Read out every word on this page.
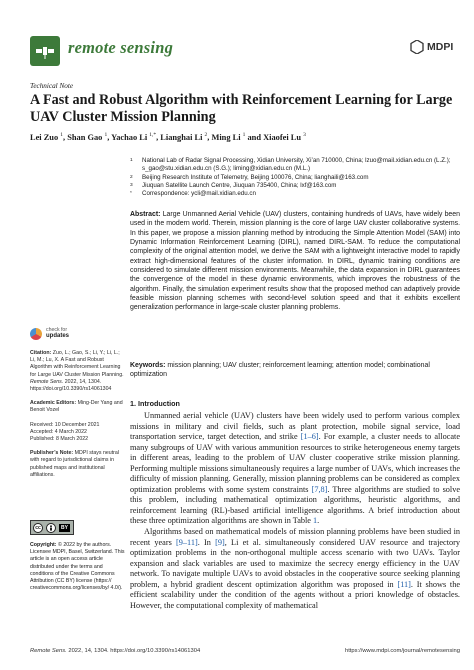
remote sensing	MDPI
Technical Note
A Fast and Robust Algorithm with Reinforcement Learning for Large UAV Cluster Mission Planning
Lei Zuo $^1$, Shan Gao $^1$, Yachao Li $^{1,*}$, Lianghai Li $^2$, Ming Li $^1$ and Xiaofei Lu $^3$
1	National Lab of Radar Signal Processing, Xidian University, Xi’an 710000, China; lzuo@mail.xidian.edu.cn (L.Z.); s_gao@stu.xidian.edu.cn (S.G.); liming@xidian.edu.cn (M.L.)
2	Beijing Research Institute of Telemetry, Beijing 100076, China; lianghaili@163.com
3	Jiuquan Satellite Launch Centre, Jiuquan 735400, China; lxf@163.com
*	Correspondence: ycli@mail.xidian.edu.cn
Abstract: Large Unmanned Aerial Vehicle (UAV) clusters, containing hundreds of UAVs, have widely been used in the modern world. Therein, mission planning is the core of large UAV cluster collaborative systems. In this paper, we propose a mission planning method by introducing the Simple Attention Model (SAM) into Dynamic Information Reinforcement Learning (DIRL), named DIRL-SAM. To reduce the computational complexity of the original attention model, we derive the SAM with a lightweight interactive model to rapidly extract high-dimensional features of the cluster information. In DIRL, dynamic training conditions are considered to simulate different mission environments. Meanwhile, the data expansion in DIRL guarantees the convergence of the model in these dynamic environments, which improves the robustness of the algorithm. Finally, the simulation experiment results show that the proposed method can adaptively provide feasible mission planning schemes with second-level solution speed and that it exhibits excellent generalization performance in large-scale cluster planning problems.
Keywords: mission planning; UAV cluster; reinforcement learning; attention model; combinational optimization
check for
updates
Citation: Zuo, L.; Gao, S.; Li, Y.; Li, L.; Li, M.; Lu, X. A Fast and Robust Algorithm with Reinforcement Learning for Large UAV Cluster Mission Planning. Remote Sens. 2022, 14, 1304. https://doi.org/10.3390/rs14061304
Academic Editors: Ming-Der Yang and Benoit Vozel
Received: 10 December 2021
Accepted: 4 March 2022
Published: 8 March 2022
Publisher’s Note: MDPI stays neutral with regard to jurisdictional claims in published maps and institutional affiliations.
cc	BY
Copyright: © 2022 by the authors. Licensee MDPI, Basel, Switzerland. This article is an open access article distributed under the terms and conditions of the Creative Commons Attribution (CC BY) license (https:// creativecommons.org/licenses/by/ 4.0/).
1. Introduction

Unmanned aerial vehicle (UAV) clusters have been widely used to perform various complex missions in military and civil fields, such as plant protection, mobile signal service, load transportation service, target detection, and strike [1–6]. For example, a cluster needs to allocate many subgroups of UAV with various ammunition resources to strike heterogeneous enemy targets in different areas, leading to the problem of UAV cluster cooperative strike mission planning. Performing multiple missions simultaneously requires a large number of UAVs, which increases the difficulty of mission planning. Generally, mission planning problems can be considered as complex optimization problems with some system constraints [7,8]. Three algorithms are studied to solve this problem, including mathematical optimization algorithms, heuristic algorithms, and reinforcement learning (RL)-based artificial intelligence algorithms. A brief introduction about these three optimization algorithms are shown in Table 1.

Algorithms based on mathematical models of mission planning problems have been studied in recent years [9–11]. In [9], Li et al. simultaneously considered UAV resource and trajectory optimization problems in the non-orthogonal multiple access scenario with two UAVs. Taylor expansion and slack variables are used to maximize the secrecy energy efficiency in the UAV network. To navigate multiple UAVs to avoid obstacles in the cooperative source seeking planning problem, a hybrid gradient descent optimization algorithm was proposed in [11]. It shows the efficient scalability under the condition of the agents without a priori knowledge of obstacles. However, the computational complexity of mathematical

Remote Sens. 2022, 14, 1304. https://doi.org/10.3390/rs14061304	https://www.mdpi.com/journal/remotesensing
